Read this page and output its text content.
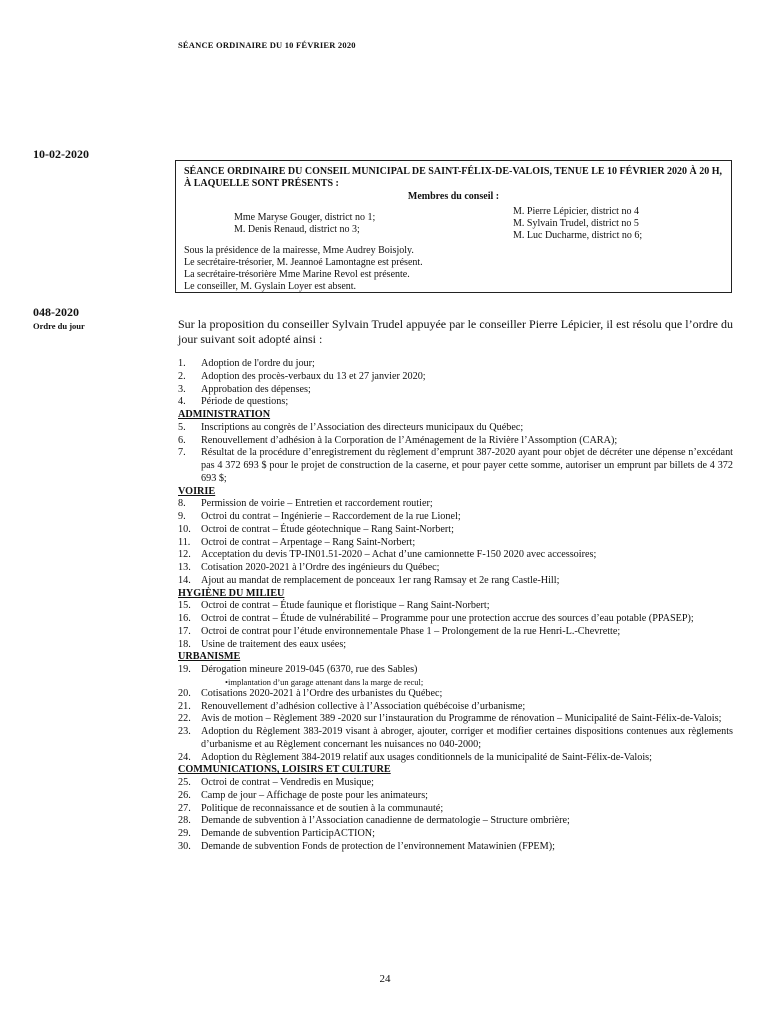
SÉANCE ORDINAIRE DU 10 FÉVRIER 2020
10-02-2020
SÉANCE ORDINAIRE DU CONSEIL MUNICIPAL DE SAINT-FÉLIX-DE-VALOIS, TENUE LE 10 FÉVRIER 2020 À 20 H, À LAQUELLE SONT PRÉSENTS :
Membres du conseil :
Mme Maryse Gouger, district no 1;
M. Denis Renaud, district no 3;
M. Pierre Lépicier, district no 4
M. Sylvain Trudel, district no 5
M. Luc Ducharme, district no 6;
Sous la présidence de la mairesse, Mme Audrey Boisjoly.
Le secrétaire-trésorier, M. Jeannoé Lamontagne est présent.
La secrétaire-trésorière Mme Marine Revol est présente.
Le conseiller, M. Gyslain Loyer est absent.
048-2020
Ordre du jour	Sur la proposition du conseiller Sylvain Trudel appuyée par le conseiller Pierre Lépicier, il est résolu que l’ordre du jour suivant soit adopté ainsi :
1.	Adoption de l'ordre du jour;
2.	Adoption des procès-verbaux du 13 et 27 janvier 2020;
3.	Approbation des dépenses;
4.	Période de questions;
ADMINISTRATION
5.	Inscriptions au congrès de l’Association des directeurs municipaux du Québec;
6.	Renouvellement d’adhésion à la Corporation de l’Aménagement de la Rivière l’Assomption (CARA);
7.	Résultat de la procédure d’enregistrement du règlement d’emprunt 387-2020 ayant pour objet de décréter une dépense n’excédant pas 4 372 693 $ pour le projet de construction de la caserne, et pour payer cette somme, autoriser un emprunt par billets de 4 372 693 $;
VOIRIE
8.	Permission de voirie – Entretien et raccordement routier;
9.	Octroi du contrat – Ingénierie – Raccordement de la rue Lionel;
10.	Octroi de contrat – Étude géotechnique – Rang Saint-Norbert;
11.	Octroi de contrat – Arpentage – Rang Saint-Norbert;
12.	Acceptation du devis TP-IN01.51-2020 – Achat d’une camionnette F-150 2020 avec accessoires;
13.	Cotisation 2020-2021 à l’Ordre des ingénieurs du Québec;
14.	Ajout au mandat de remplacement de ponceaux 1er rang Ramsay et 2e rang Castle-Hill;
HYGIÈNE DU MILIEU
15.	Octroi de contrat – Étude faunique et floristique – Rang Saint-Norbert;
16.	Octroi de contrat – Étude de vulnérabilité – Programme pour une protection accrue des sources d’eau potable (PPASEP);
17.	Octroi de contrat pour l’étude environnementale Phase 1 – Prolongement de la rue Henri-L.-Chevrette;
18.	Usine de traitement des eaux usées;
URBANISME
19.	Dérogation mineure 2019-045 (6370, rue des Sables)
•implantation d’un garage attenant dans la marge de recul;
20.	Cotisations 2020-2021 à l’Ordre des urbanistes du Québec;
21.	Renouvellement d’adhésion collective à l’Association québécoise d’urbanisme;
22.	Avis de motion – Règlement 389 -2020 sur l’instauration du Programme de rénovation – Municipalité de Saint-Félix-de-Valois;
23.	Adoption du Règlement 383-2019 visant à abroger, ajouter, corriger et modifier certaines dispositions contenues aux règlements d’urbanisme et au Règlement concernant les nuisances no 040-2000;
24.	Adoption du Règlement 384-2019 relatif aux usages conditionnels de la municipalité de Saint-Félix-de-Valois;
COMMUNICATIONS, LOISIRS ET CULTURE
25.	Octroi de contrat – Vendredis en Musique;
26.	Camp de jour – Affichage de poste pour les animateurs;
27.	Politique de reconnaissance et de soutien à la communauté;
28.	Demande de subvention à l’Association canadienne de dermatologie – Structure ombrière;
29.	Demande de subvention ParticipACTION;
30.	Demande de subvention Fonds de protection de l’environnement Matawinien (FPEM);
24
